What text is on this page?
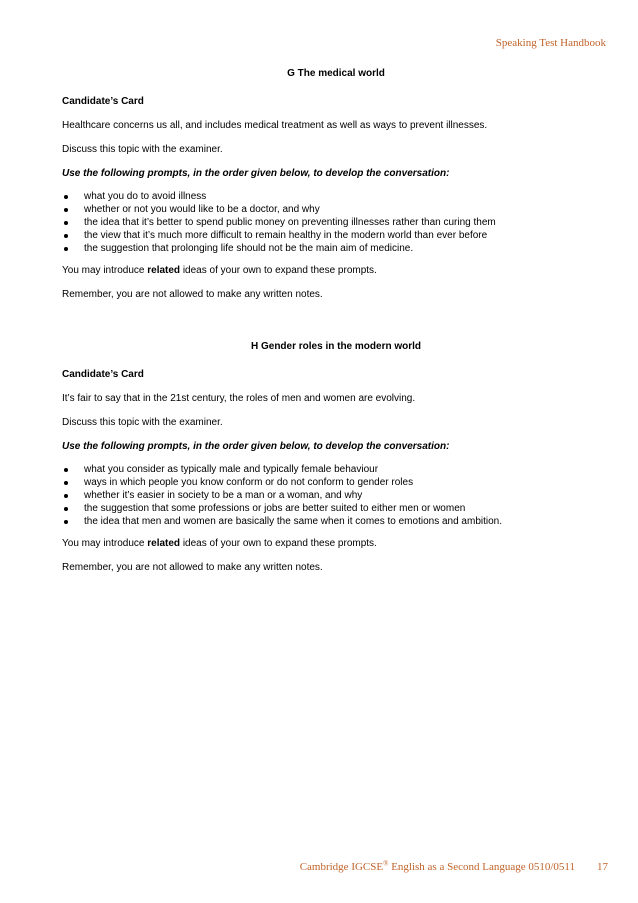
Speaking Test Handbook

G The medical world

Candidate’s Card

Healthcare concerns us all, and includes medical treatment as well as ways to prevent illnesses.

Discuss this topic with the examiner.

Use the following prompts, in the order given below, to develop the conversation:

what you do to avoid illness
whether or not you would like to be a doctor, and why
the idea that it’s better to spend public money on preventing illnesses rather than curing them
the view that it’s much more difficult to remain healthy in the modern world than ever before
the suggestion that prolonging life should not be the main aim of medicine.

You may introduce related ideas of your own to expand these prompts.

Remember, you are not allowed to make any written notes.

H Gender roles in the modern world

Candidate’s Card

It’s fair to say that in the 21st century, the roles of men and women are evolving.

Discuss this topic with the examiner.

Use the following prompts, in the order given below, to develop the conversation:

what you consider as typically male and typically female behaviour
ways in which people you know conform or do not conform to gender roles
whether it’s easier in society to be a man or a woman, and why
the suggestion that some professions or jobs are better suited to either men or women
the idea that men and women are basically the same when it comes to emotions and ambition.

You may introduce related ideas of your own to expand these prompts.

Remember, you are not allowed to make any written notes.

Cambridge IGCSE® English as a Second Language 0510/0511 17
